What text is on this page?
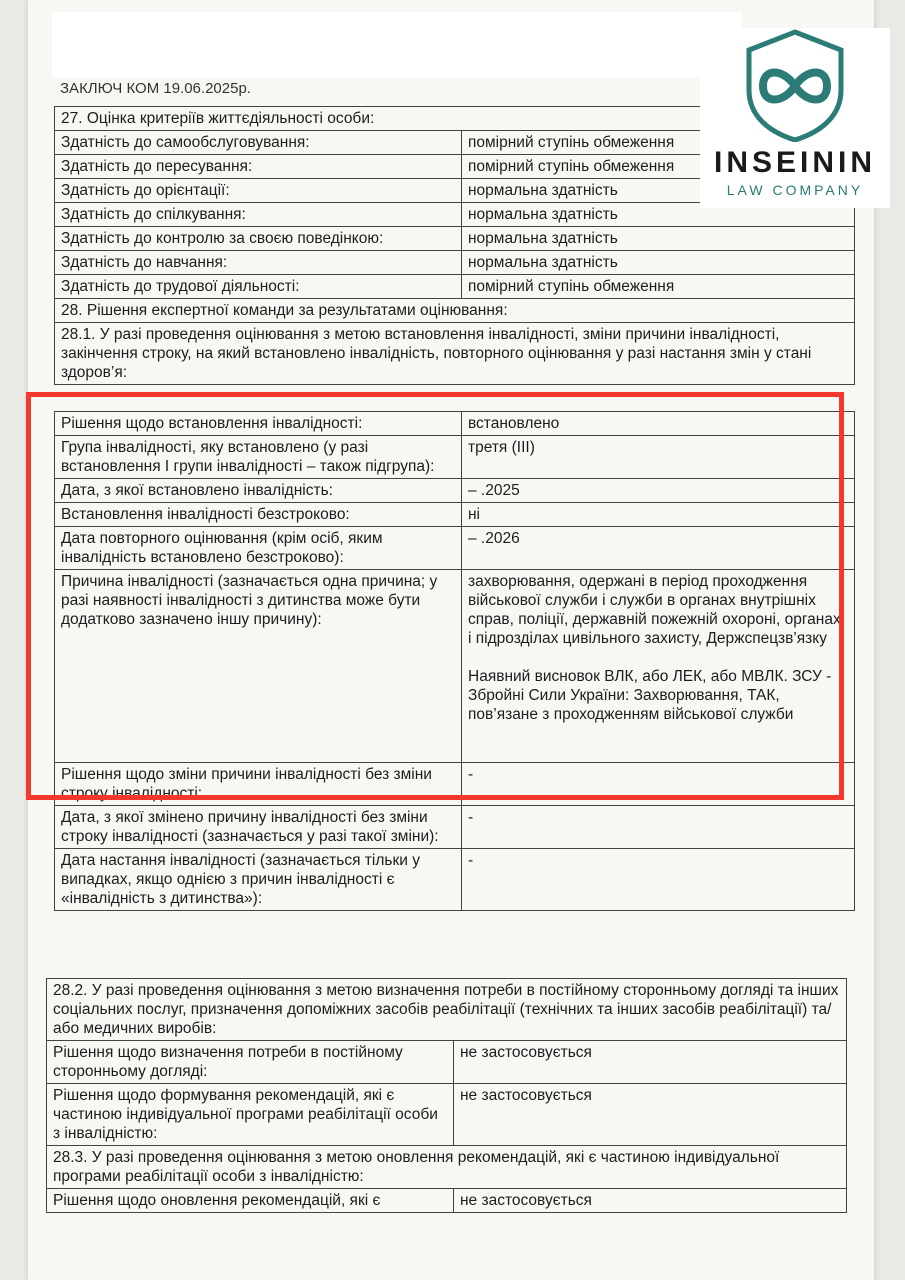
ЗАКЛЮЧ КОМ 19.06.2025р.
27. Оцінка критеріїв життєдіяльності особи:	
Здатність до самообслуговування:	помірний ступінь обмеження
Здатність до пересування:	помірний ступінь обмеження
Здатність до орієнтації:	нормальна здатність
Здатність до спілкування:	нормальна здатність
Здатність до контролю за своєю поведінкою:	нормальна здатність
Здатність до навчання:	нормальна здатність
Здатність до трудової діяльності:	помірний ступінь обмеження
28. Рішення експертної команди за результатами оцінювання:	
28.1. У разі проведення оцінювання з метою встановлення інвалідності, зміни причини інвалідності, закінчення строку, на який встановлено інвалідність, повторного оцінювання у разі настання змін у стані здоров’я:	
Рішення щодо встановлення інвалідності:	встановлено
Група інвалідності, яку встановлено (у разі встановлення І групи інвалідності – також підгрупа):	третя (ІІІ)
Дата, з якої встановлено інвалідність:	– .2025
Встановлення інвалідності безстроково:	ні
Дата повторного оцінювання (крім осіб, яким інвалідність встановлено безстроково):	– .2026
Причина інвалідності (зазначається одна причина; у разі наявності інвалідності з дитинства може бути додатково зазначено іншу причину):	захворювання, одержані в період проходження військової служби і служби в органах внутрішніх справ, поліції, державній пожежній охороні, органах і підрозділах цивільного захисту, Держспецзв’язку
Наявний висновок ВЛК, або ЛЕК, або МВЛК. ЗСУ - Збройні Сили України: Захворювання, ТАК, пов’язане з проходженням військової служби

Рішення щодо зміни причини інвалідності без зміни строку інвалідності:	-
Дата, з якої змінено причину інвалідності без зміни строку інвалідності (зазначається у разі такої зміни):	-
Дата настання інвалідності (зазначається тільки у випадках, якщо однією з причин інвалідності є «інвалідність з дитинства»):	-
28.2. У разі проведення оцінювання з метою визначення потреби в постійному сторонньому догляді та інших соціальних послуг, призначення допоміжних засобів реабілітації (технічних та інших засобів реабілітації) та/або медичних виробів:	
Рішення щодо визначення потреби в постійному сторонньому догляді:	не застосовується
Рішення щодо формування рекомендацій, які є частиною індивідуальної програми реабілітації особи з інвалідністю:	не застосовується
28.3. У разі проведення оцінювання з метою оновлення рекомендацій, які є частиною індивідуальної програми реабілітації особи з інвалідністю:	
Рішення щодо оновлення рекомендацій, які є	не застосовується
INSEININ
LAW COMPANY
